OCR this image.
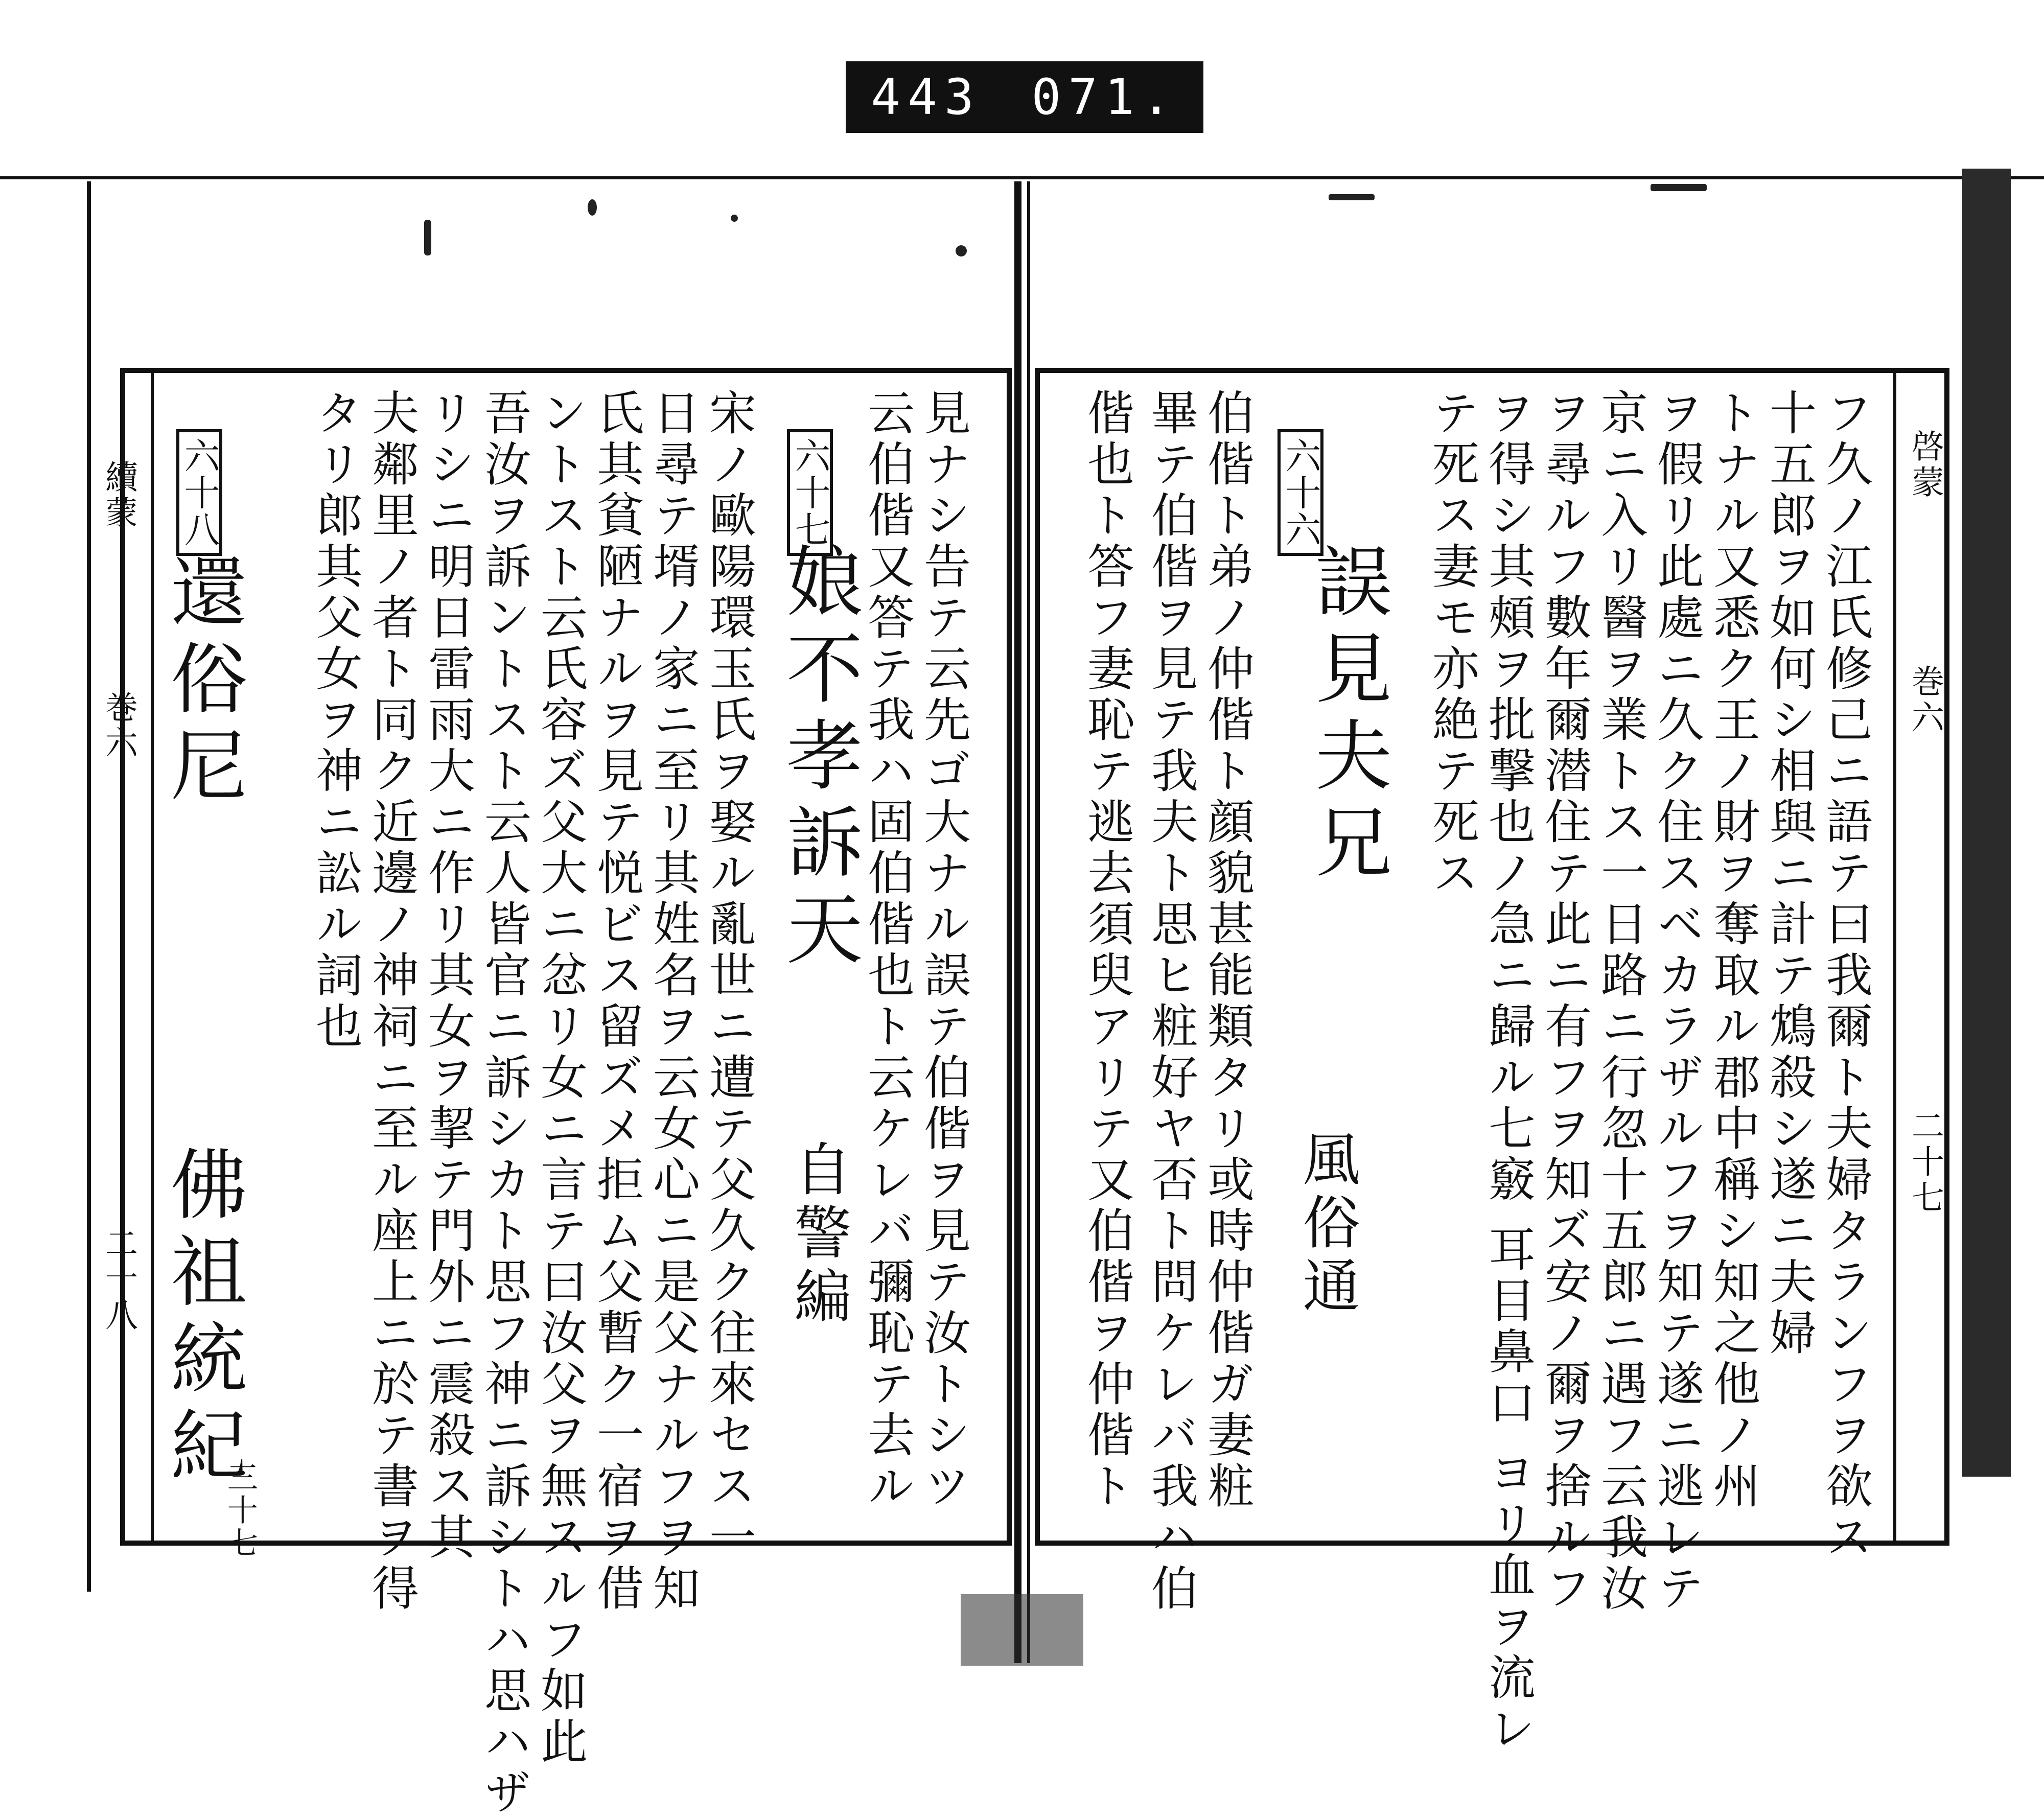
443 071.
啓蒙
巻六
二十七
フ久ノ江氏修己ニ語テ曰我爾ト夫婦タランフヲ欲ス
十五郎ヲ如何シ相與ニ計テ鴆殺シ遂ニ夫婦
トナル又悉ク王ノ財ヲ奪取ル郡中稱シ知之他ノ州
ヲ假リ此處ニ久ク住スベカラザルフヲ知テ遂ニ逃レテ
京ニ入リ醫ヲ業トス一日路ニ行忽十五郎ニ遇フ云我汝
ヲ尋ルフ數年爾潜住テ此ニ有フヲ知ズ安ノ爾ヲ捨ルフ
ヲ得シ其頰ヲ批撃也ノ急ニ歸ル七竅 耳目鼻口 ヨリ血ヲ流レ
テ死ス妻モ亦絶テ死ス
六十六
誤見夫兄
風俗通
伯偕ト弟ノ仲偕ト顔貌甚能類タリ或時仲偕ガ妻粧
畢テ伯偕ヲ見テ我夫ト思ヒ粧好ヤ否ト問ケレバ我ハ伯
偕也ト答フ妻恥テ逃去須臾アリテ又伯偕ヲ仲偕ト
續蒙
巻六
二十八	見ナシ告テ云先ゴ大ナル誤テ伯偕ヲ見テ汝トシツ
云伯偕又答テ我ハ固伯偕也ト云ケレバ彌恥テ去ル
六十七
娘不孝訴天
自警編
宋ノ歐陽環玉氏ヲ娶ル亂世ニ遭テ父久ク往來セス一
日尋テ壻ノ家ニ至リ其姓名ヲ云女心ニ是父ナルフヲ知
氏其貧陋ナルヲ見テ悦ビス留ズメ拒ム父暫ク一宿ヲ借
ントスト云氏容ズ父大ニ忿リ女ニ言テ曰汝父ヲ無スルフ如此
吾汝ヲ訴ントスト云人皆官ニ訴シカト思フ神ニ訴シトハ思ハザ
リシニ明日雷雨大ニ作リ其女ヲ挈テ門外ニ震殺ス其
夫鄰里ノ者ト同ク近邊ノ神祠ニ至ル座上ニ於テ書ヲ得
タリ郎其父女ヲ神ニ訟ル詞也
六十八
還俗尼
佛祖統紀
三十七
